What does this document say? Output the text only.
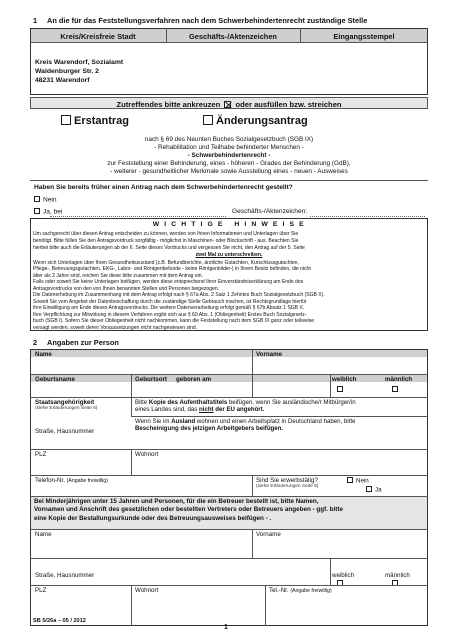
1 An die für das Feststellungsverfahren nach dem Schwerbehindertenrecht zuständige Stelle
Kreis/Kreisfreie Stadt	Geschäfts-/Aktenzeichen	Eingangsstempel
Kreis Warendorf, Sozialamt
Waldenburger Str. 2
48231 Warendorf
Zutreffendes bitte ankreuzen oder ausfüllen bzw. streichen
Erstantrag	Änderungsantrag
nach § 69 des Neunten Buches Sozialgesetzbuch (SGB IX)
- Rehabilitation und Teilhabe behinderter Menschen -
- Schwerbehindertenrecht -
zur Feststellung einer Behinderung, eines - höheren - Grades der Behinderung (GdB),
- weiterer - gesundheitlicher Merkmale sowie Ausstellung eines - neuen - Ausweises
Haben Sie bereits früher einen Antrag nach dem Schwerbehindertenrecht gestellt?
Nein
Ja, bei	Geschäfts-/Aktenzeichen:
W I C H T I G E   H I N W E I S E
Um sachgerecht über diesen Antrag entscheiden zu können, werden von Ihnen Informationen und Unterlagen über Sie
benötigt. Bitte füllen Sie den Antragsvordruck sorgfältig - möglichst in Maschinen- oder Blockschrift - aus. Beachten Sie
hierbei bitte auch die Erläuterungen ab der 6. Seite dieses Vordrucks und vergessen Sie nicht, den Antrag auf der 5. Seite
zwei Mal zu unterschreiben.
Wenn sich Unterlagen über Ihren Gesundheitszustand (z.B. Befundberichte, ärztliche Gutachten, Kurschlussgutachten,
Pflege-, Betreuungsgutachten, EKG-, Labor- und Röntgenbefunde - keine Röntgenbilder-) in Ihrem Besitz befinden, die nicht
älter als 2 Jahre sind, reichen Sie diese bitte zusammen mit dem Antrag ein.
Falls oder soweit Sie keine Unterlagen beifügen, werden diese entsprechend Ihrer Einverständniserklärung am Ende des
Antragsvordrucks von den von Ihnen benannten Stellen und Personen beigezogen.
Die Datenerhebung im Zusammenhang mit dem Antrag erfolgt nach § 67a Abs. 2 Satz 1 Zehntes Buch Sozialgesetzbuch (SGB X).
Soweit Sie vom Angebot der Datenbeschaffung durch die zuständige Stelle Gebrauch machen, ist Rechtsgrundlage hierfür
Ihre Einwilligung am Ende dieses Antragsvordrucks. Die weitere Datenverarbeitung erfolgt gemäß § 67b Absatz 1 SGB X.
Ihre Verpflichtung zur Mitwirkung in diesem Verfahren ergibt sich aus § 60 Abs. 1 (Obliegenheit) Erstes Buch Sozialgesetz-
buch (SGB I). Sofern Sie dieser Obliegenheit nicht nachkommen, kann die Feststellung nach dem SGB IX ganz oder teilweise
versagt werden, soweit deren Voraussetzungen nicht nachgewiesen sind.
2 Angaben zur Person
Name	Vorname
Geburtsname	Geburtsort geboren am	weiblich	männlich
Staatsangehörigkeit
(siehe Erläuterungen Seite 6)
Bitte Kopie des Aufenthaltstitels beifügen, wenn Sie ausländische/r Mitbürger/in
eines Landes sind, das nicht der EU angehört.
Wenn Sie im Ausland wohnen und einen Arbeitsplatz in Deutschland haben, bitte
Bescheinigung des jetzigen Arbeitgebers beifügen.
Straße, Hausnummer
PLZ	Wohnort
Telefon-Nr. (Angabe freiwillig)	Sind Sie erwerbstätig?
(siehe Erläuterungen Seite 6)
Nein
Ja
Bei Minderjährigen unter 15 Jahren und Personen, für die ein Betreuer bestellt ist, bitte Namen,
Vornamen und Anschrift des gesetzlichen oder bestellten Vertreters oder Betreuers angeben - ggf. bitte
eine Kopie der Bestallungsurkunde oder des Betreuungsausweises beifügen - .
Name	Vorname
Straße, Hausnummer	weiblich	männlich
PLZ	Wohnort	Tel.-Nr. (Angabe freiwillig)
SB 5/26a – 05 / 2012
1
